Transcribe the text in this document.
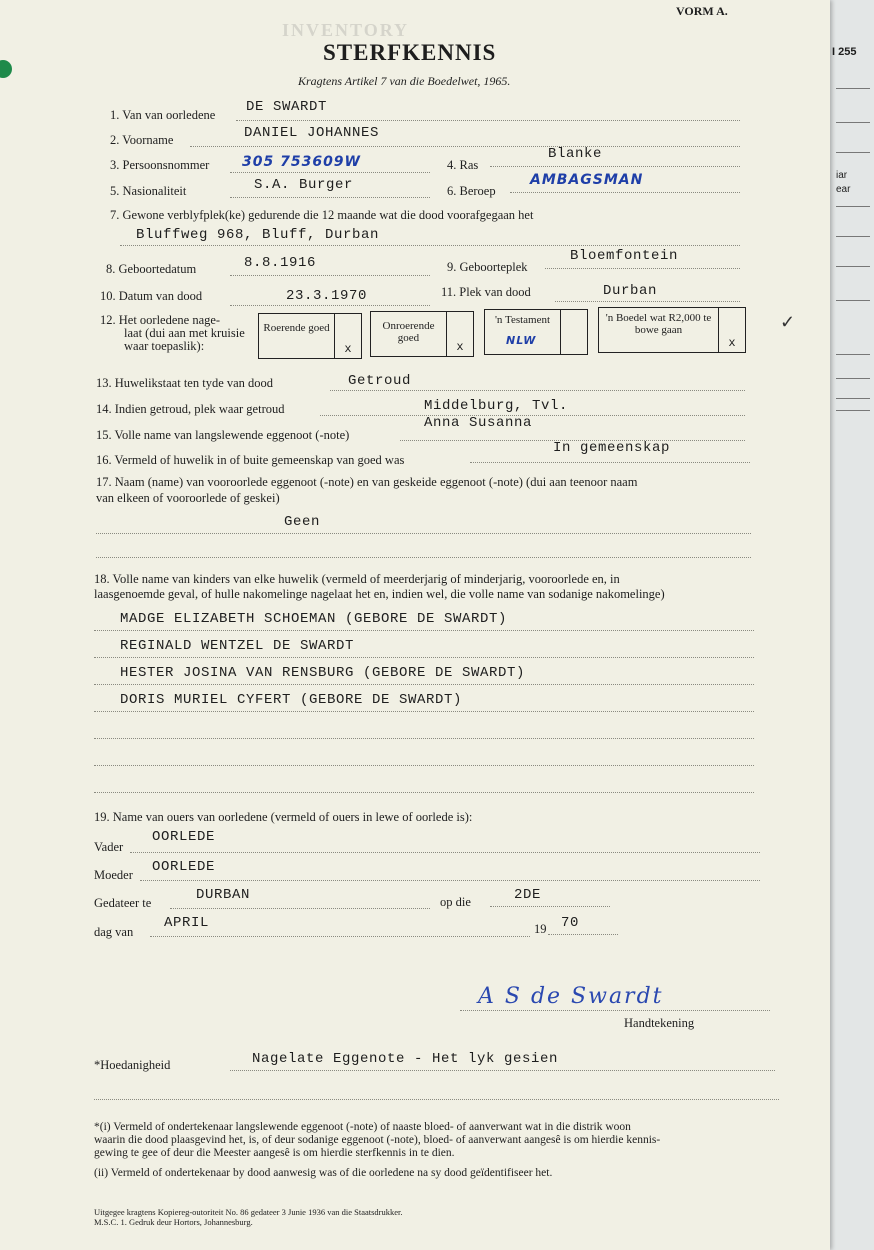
I 255
iar
ear
INVENTORY
VORM A.
STERFKENNIS
Kragtens Artikel 7 van die Boedelwet, 1965.
1. Van van oorledene DE SWARDT
2. Voorname	DANIEL JOHANNES
3. Persoonsnommer 305 753609W	4. Ras
Blanke
5. Nasionaliteit	S.A. Burger	6. Beroep
AMBAGSMAN
7. Gewone verblyfplek(ke) gedurende die 12 maande wat die dood voorafgegaan het
Bluffweg 968, Bluff, Durban
8. Geboortedatum	8.8.1916	9. Geboorteplek
Bloemfontein
10. Datum van dood	23.3.1970	11. Plek van dood	Durban
12. Het oorledene nage-
laat (dui aan met kruisie
waar toepaslik):
Roerende goed
x
Onroerende goed
x
'n Testament
NLW
'n Boedel wat R2,000 te bowe gaan
x
✓
13. Huwelikstaat ten tyde van dood	Getroud
14. Indien getroud, plek waar getroud	Middelburg, Tvl.
15. Volle name van langslewende eggenoot (-note)
Anna Susanna
16. Vermeld of huwelik in of buite gemeenskap van goed was
In gemeenskap
17. Naam (name) van vooroorlede eggenoot (-note) en van geskeide eggenoot (-note) (dui aan teenoor naam
van elkeen of vooroorlede of geskei)
Geen
18. Volle name van kinders van elke huwelik (vermeld of meerderjarig of minderjarig, vooroorlede en, in
laasgenoemde geval, of hulle nakomelinge nagelaat het en, indien wel, die volle name van sodanige nakomelinge)
MADGE ELIZABETH SCHOEMAN (GEBORE DE SWARDT)
REGINALD WENTZEL DE SWARDT
HESTER JOSINA VAN RENSBURG (GEBORE DE SWARDT)
DORIS MURIEL CYFERT (GEBORE DE SWARDT)
19. Name van ouers van oorledene (vermeld of ouers in lewe of oorlede is):
Vader
OORLEDE
Moeder OORLEDE
Gedateer te	DURBAN	op die	2DE
dag van
APRIL	19 70
A S de Swardt
Handtekening
*Hoedanigheid	Nagelate Eggenote - Het lyk gesien
*(i) Vermeld of ondertekenaar langslewende eggenoot (-note) of naaste bloed- of aanverwant wat in die distrik woon
waarin die dood plaasgevind het, is, of deur sodanige eggenoot (-note), bloed- of aanverwant aangesê is om hierdie kennis-
gewing te gee of deur die Meester aangesê is om hierdie sterfkennis in te dien.
(ii) Vermeld of ondertekenaar by dood aanwesig was of die oorledene na sy dood geïdentifiseer het.
Uitgegee kragtens Kopiereg-outoriteit No. 86 gedateer 3 Junie 1936 van die Staatsdrukker.
M.S.C. 1. Gedruk deur Hortors, Johannesburg.
